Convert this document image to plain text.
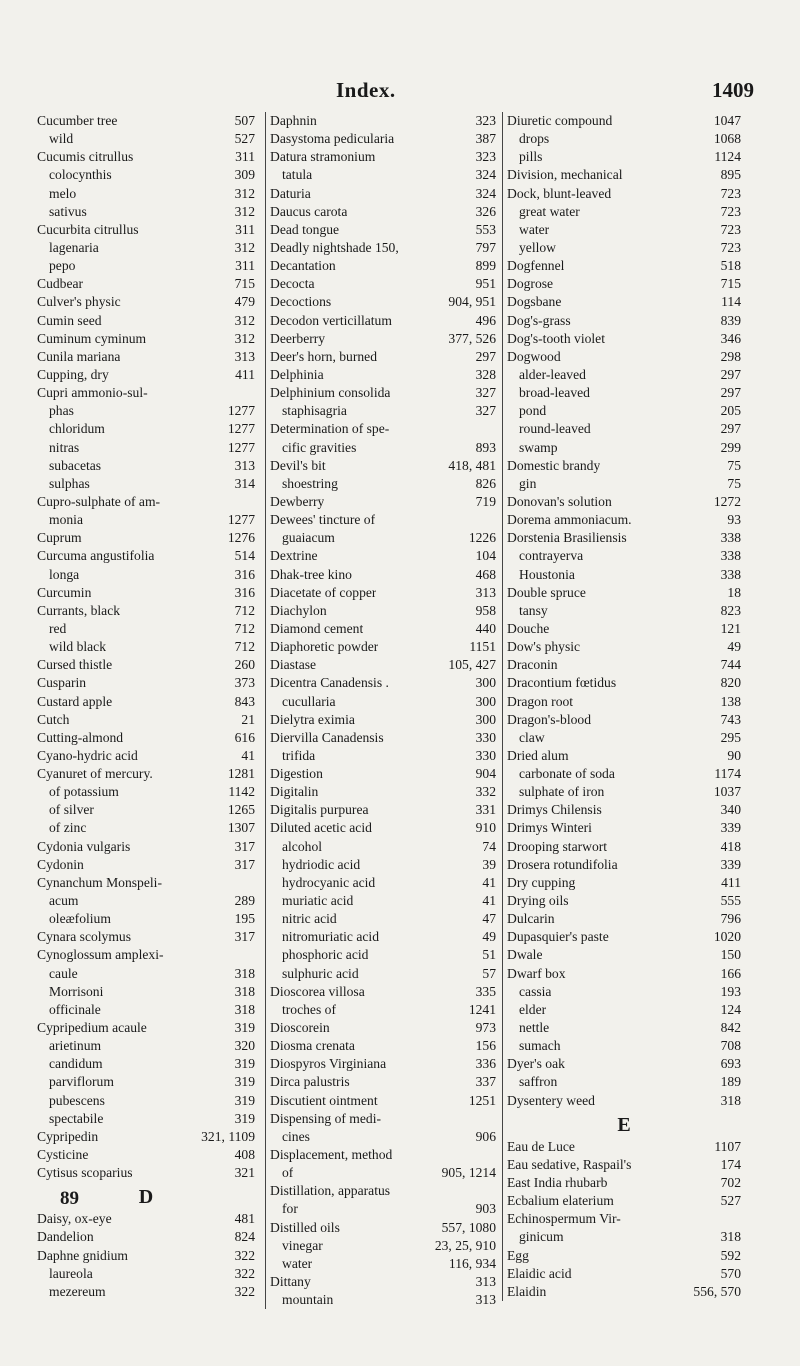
Index.	1409
Cucumber tree	507
wild	527
Cucumis citrullus	311
colocynthis	309
melo	312
sativus	312
Cucurbita citrullus	311
lagenaria	312
pepo	311
Cudbear	715
Culver's physic	479
Cumin seed	312
Cuminum cyminum	312
Cunila mariana	313
Cupping, dry	411
Cupri ammonio-sul-
phas	1277
chloridum	1277
nitras	1277
subacetas	313
sulphas	314
Cupro-sulphate of am-
monia	1277
Cuprum	1276
Curcuma angustifolia	514
longa	316
Curcumin	316
Currants, black	712
red	712
wild black	712
Cursed thistle	260
Cusparin	373
Custard apple	843
Cutch	21
Cutting-almond	616
Cyano-hydric acid	41
Cyanuret of mercury.	1281
of potassium	1142
of silver	1265
of zinc	1307
Cydonia vulgaris	317
Cydonin	317
Cynanchum Monspeli-
acum	289
oleæfolium	195
Cynara scolymus	317
Cynoglossum amplexi-
caule	318
Morrisoni	318
officinale	318
Cypripedium acaule	319
arietinum	320
candidum	319
parviflorum	319
pubescens	319
spectabile	319
Cypripedin	321, 1109
Cysticine	408
Cytisus scoparius	321
D
Daisy, ox-eye	481
Dandelion	824
Daphne gnidium	322
laureola	322
mezereum	322
Daphnin	323
Dasystoma pedicularia	387
Datura stramonium	323
tatula	324
Daturia	324
Daucus carota	326
Dead tongue	553
Deadly nightshade 150,	797
Decantation	899
Decocta	951
Decoctions	904, 951
Decodon verticillatum	496
Deerberry	377, 526
Deer's horn, burned	297
Delphinia	328
Delphinium consolida	327
staphisagria	327
Determination of spe-
cific gravities	893
Devil's bit	418, 481
shoestring	826
Dewberry	719
Dewees' tincture of
guaiacum	1226
Dextrine	104
Dhak-tree kino	468
Diacetate of copper	313
Diachylon	958
Diamond cement	440
Diaphoretic powder	1151
Diastase	105, 427
Dicentra Canadensis .	300
cucullaria	300
Dielytra eximia	300
Diervilla Canadensis	330
trifida	330
Digestion	904
Digitalin	332
Digitalis purpurea	331
Diluted acetic acid	910
alcohol	74
hydriodic acid	39
hydrocyanic acid	41
muriatic acid	41
nitric acid	47
nitromuriatic acid	49
phosphoric acid	51
sulphuric acid	57
Dioscorea villosa	335
troches of	1241
Dioscorein	973
Diosma crenata	156
Diospyros Virginiana	336
Dirca palustris	337
Discutient ointment	1251
Dispensing of medi-
cines	906
Displacement, method
of	905, 1214
Distillation, apparatus
for	903
Distilled oils	557, 1080
vinegar	23, 25, 910
water	116, 934
Dittany	313
mountain	313
Diuretic compound	1047
drops	1068
pills	1124
Division, mechanical	895
Dock, blunt-leaved	723
great water	723
water	723
yellow	723
Dogfennel	518
Dogrose	715
Dogsbane	114
Dog's-grass	839
Dog's-tooth violet	346
Dogwood	298
alder-leaved	297
broad-leaved	297
pond	205
round-leaved	297
swamp	299
Domestic brandy	75
gin	75
Donovan's solution	1272
Dorema ammoniacum.	93
Dorstenia Brasiliensis	338
contrayerva	338
Houstonia	338
Double spruce	18
tansy	823
Douche	121
Dow's physic	49
Draconin	744
Dracontium fœtidus	820
Dragon root	138
Dragon's-blood	743
claw	295
Dried alum	90
carbonate of soda	1174
sulphate of iron	1037
Drimys Chilensis	340
Drimys Winteri	339
Drooping starwort	418
Drosera rotundifolia	339
Dry cupping	411
Drying oils	555
Dulcarin	796
Dupasquier's paste	1020
Dwale	150
Dwarf box	166
cassia	193
elder	124
nettle	842
sumach	708
Dyer's oak	693
saffron	189
Dysentery weed	318
E
Eau de Luce	1107
Eau sedative, Raspail's	174
East India rhubarb	702
Ecbalium elaterium	527
Echinospermum Vir-
ginicum	318
Egg	592
Elaidic acid	570
Elaidin	556, 570
89
